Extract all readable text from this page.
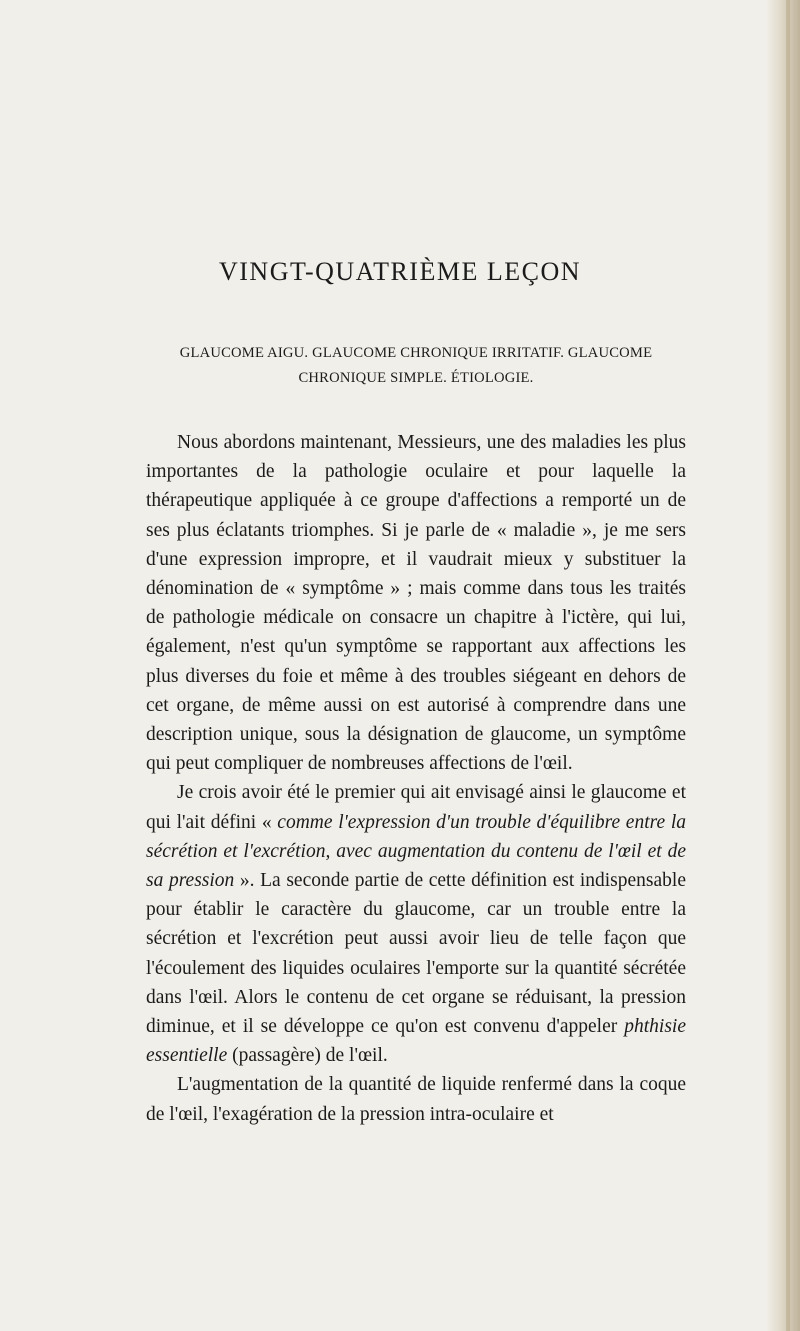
VINGT-QUATRIÈME LEÇON
GLAUCOME AIGU. GLAUCOME CHRONIQUE IRRITATIF. GLAUCOME
CHRONIQUE SIMPLE. ÉTIOLOGIE.

Nous abordons maintenant, Messieurs, une des maladies les plus importantes de la pathologie oculaire et pour laquelle la thérapeutique appliquée à ce groupe d'affections a remporté un de ses plus éclatants triomphes. Si je parle de « maladie », je me sers d'une expression impropre, et il vaudrait mieux y substituer la dénomination de « symptôme » ; mais comme dans tous les traités de pathologie médicale on consacre un chapitre à l'ictère, qui lui, également, n'est qu'un symptôme se rapportant aux affections les plus diverses du foie et même à des troubles siégeant en dehors de cet organe, de même aussi on est autorisé à comprendre dans une description unique, sous la désignation de glaucome, un symptôme qui peut compliquer de nombreuses affections de l'œil.

Je crois avoir été le premier qui ait envisagé ainsi le glaucome et qui l'ait défini « comme l'expression d'un trouble d'équilibre entre la sécrétion et l'excrétion, avec augmentation du contenu de l'œil et de sa pression ». La seconde partie de cette définition est indispensable pour établir le caractère du glaucome, car un trouble entre la sécrétion et l'excrétion peut aussi avoir lieu de telle façon que l'écoulement des liquides oculaires l'emporte sur la quantité sécrétée dans l'œil. Alors le contenu de cet organe se réduisant, la pression diminue, et il se développe ce qu'on est convenu d'appeler phthisie essentielle (passagère) de l'œil.

L'augmentation de la quantité de liquide renfermé dans la coque de l'œil, l'exagération de la pression intra-oculaire et
